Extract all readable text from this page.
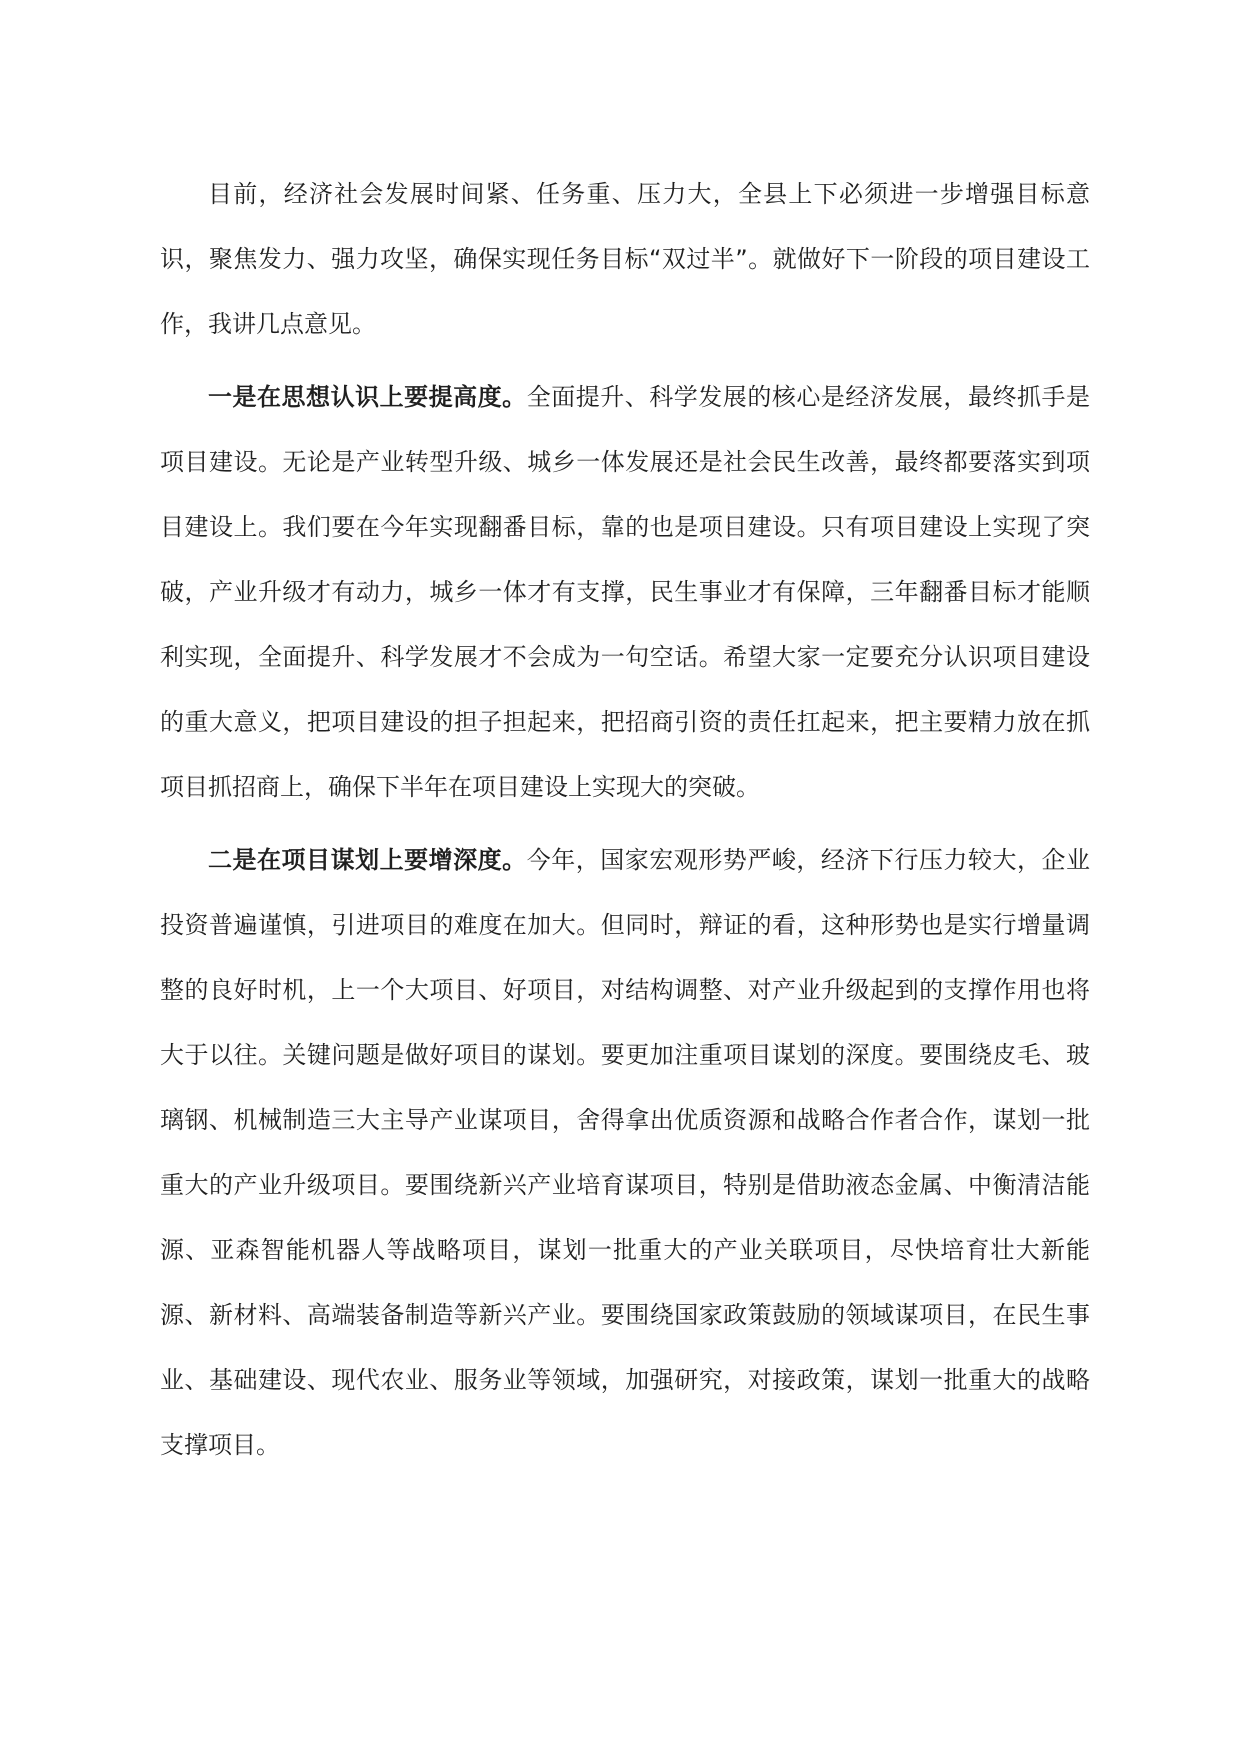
目前，经济社会发展时间紧、任务重、压力大，全县上下必须进一步增强目标意识，聚焦发力、强力攻坚，确保实现任务目标“双过半”。就做好下一阶段的项目建设工作，我讲几点意见。

一是在思想认识上要提高度。全面提升、科学发展的核心是经济发展，最终抓手是项目建设。无论是产业转型升级、城乡一体发展还是社会民生改善，最终都要落实到项目建设上。我们要在今年实现翻番目标，靠的也是项目建设。只有项目建设上实现了突破，产业升级才有动力，城乡一体才有支撑，民生事业才有保障，三年翻番目标才能顺利实现，全面提升、科学发展才不会成为一句空话。希望大家一定要充分认识项目建设的重大意义，把项目建设的担子担起来，把招商引资的责任扛起来，把主要精力放在抓项目抓招商上，确保下半年在项目建设上实现大的突破。

二是在项目谋划上要增深度。今年，国家宏观形势严峻，经济下行压力较大，企业投资普遍谨慎，引进项目的难度在加大。但同时，辩证的看，这种形势也是实行增量调整的良好时机，上一个大项目、好项目，对结构调整、对产业升级起到的支撑作用也将大于以往。关键问题是做好项目的谋划。要更加注重项目谋划的深度。要围绕皮毛、玻璃钢、机械制造三大主导产业谋项目，舍得拿出优质资源和战略合作者合作，谋划一批重大的产业升级项目。要围绕新兴产业培育谋项目，特别是借助液态金属、中衡清洁能源、亚森智能机器人等战略项目，谋划一批重大的产业关联项目，尽快培育壮大新能源、新材料、高端装备制造等新兴产业。要围绕国家政策鼓励的领域谋项目，在民生事业、基础建设、现代农业、服务业等领域，加强研究，对接政策，谋划一批重大的战略支撑项目。
